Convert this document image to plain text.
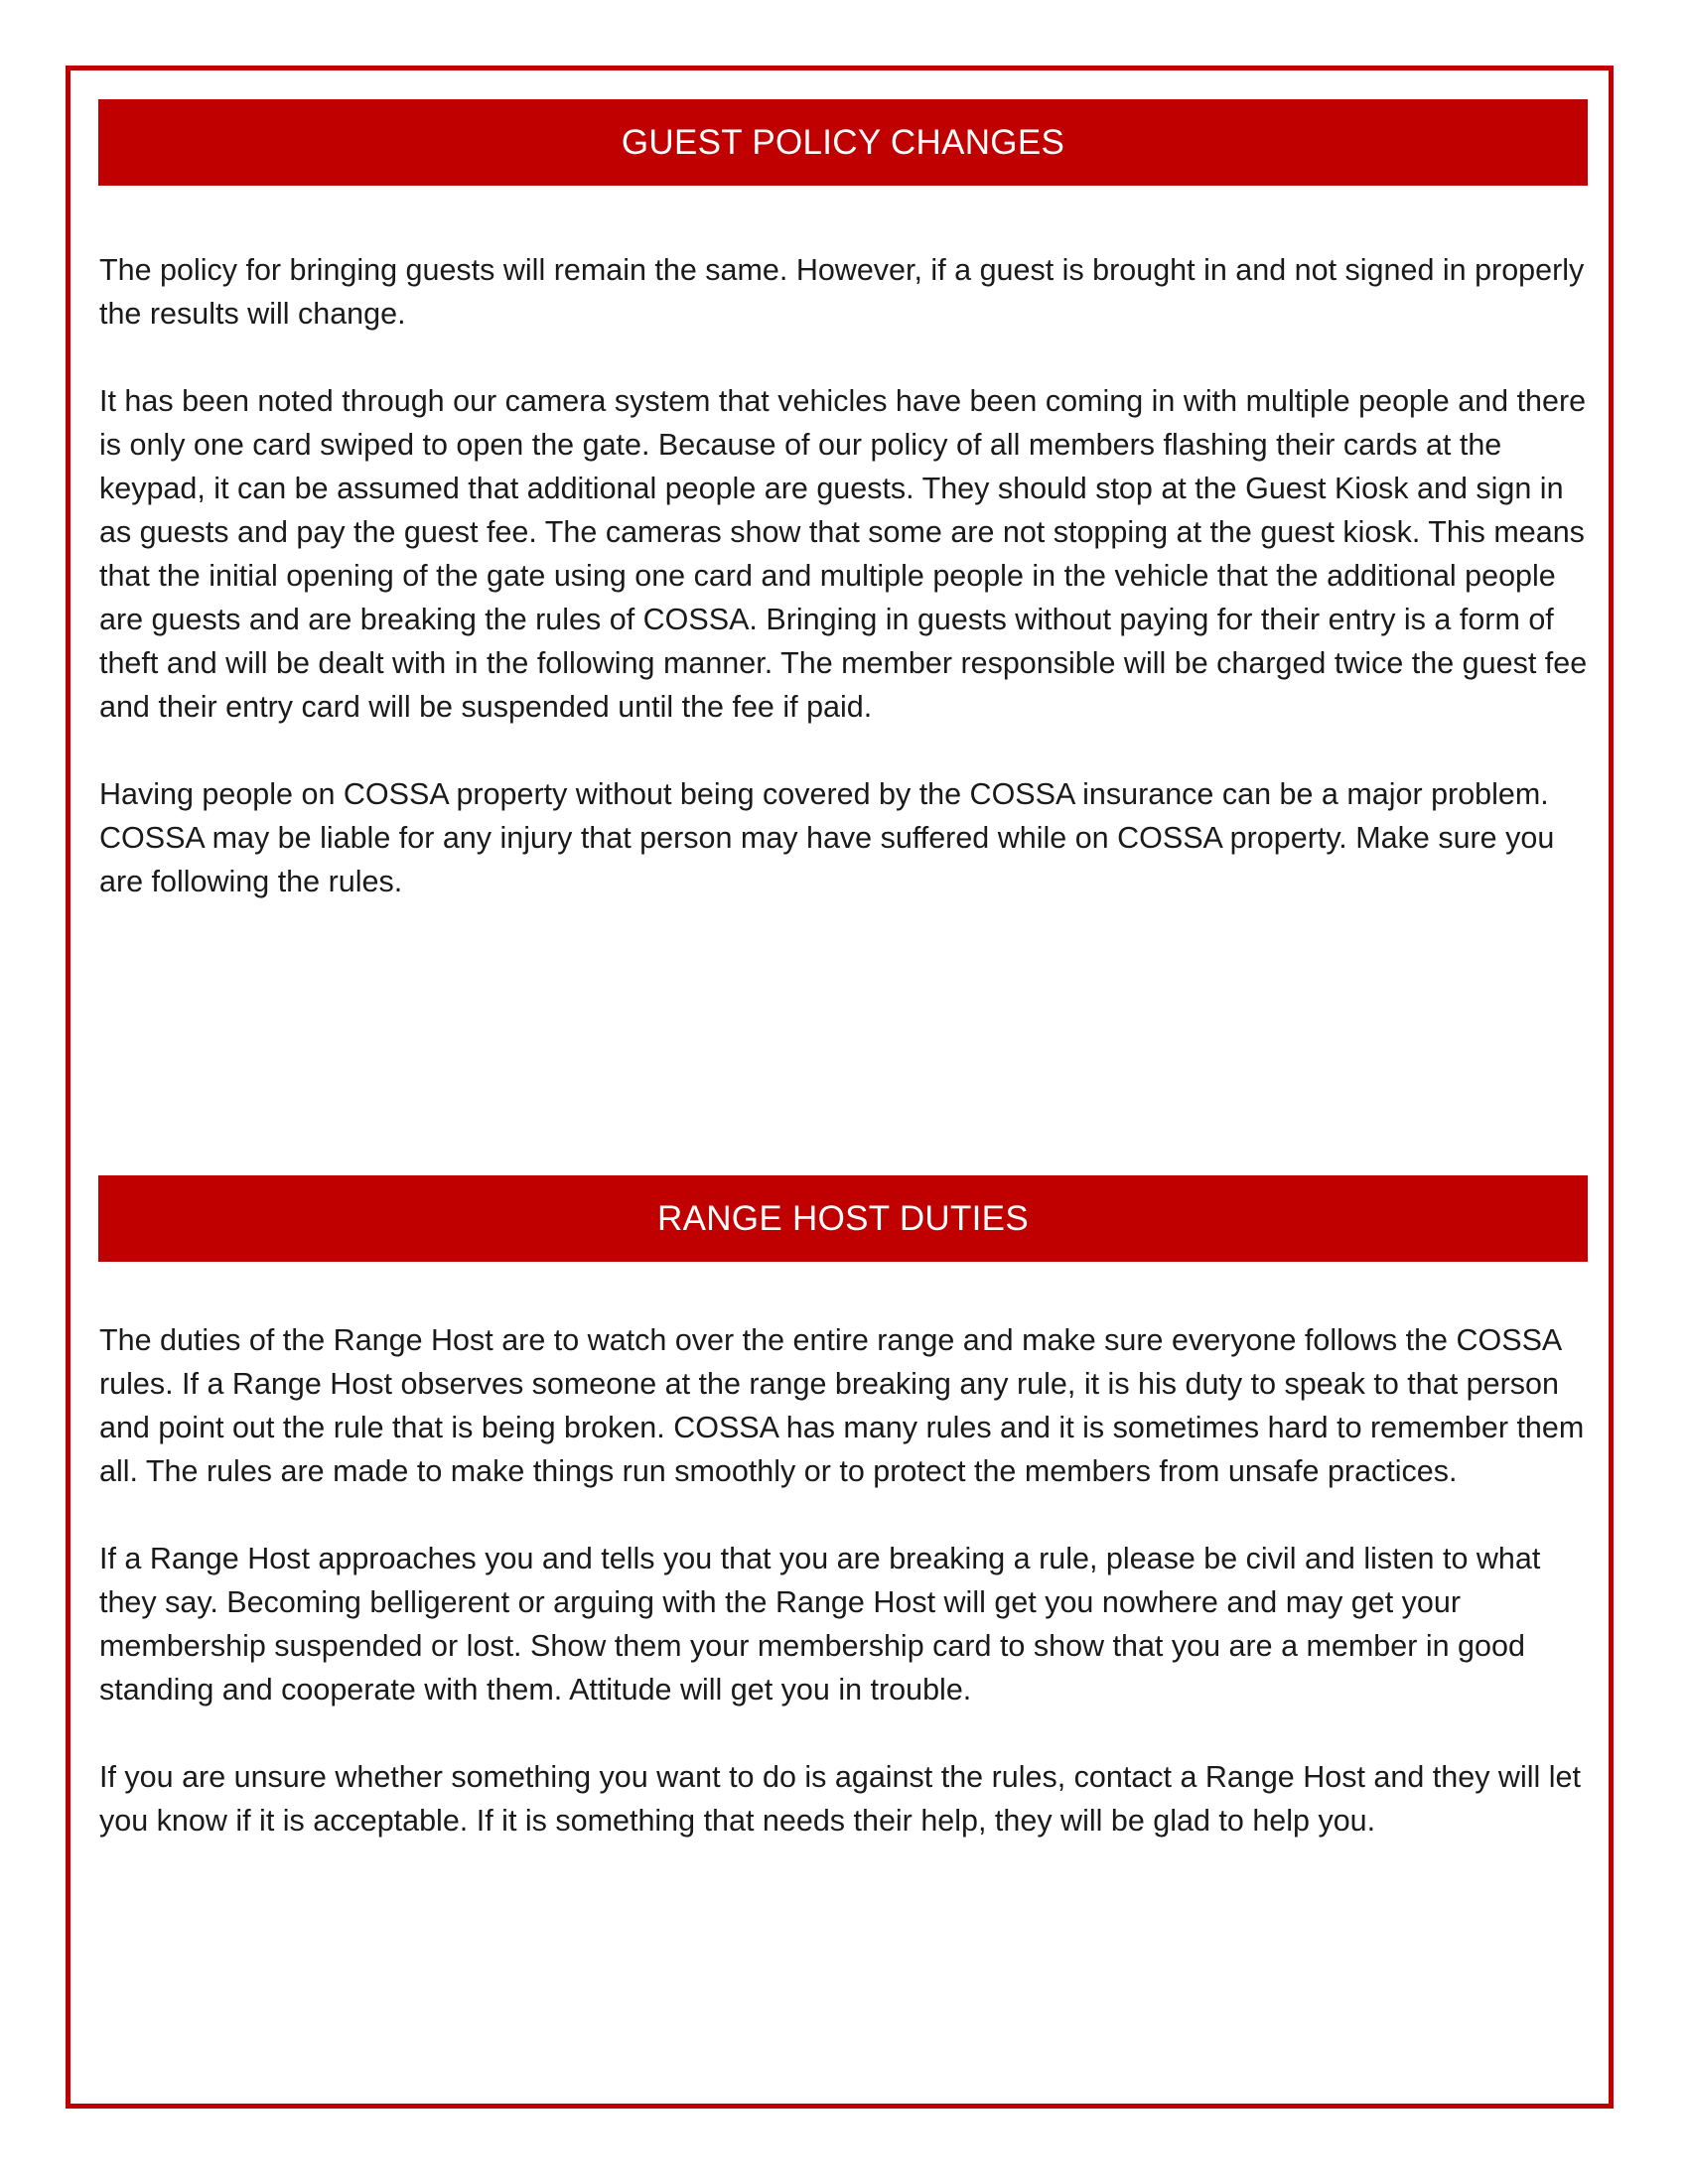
GUEST POLICY CHANGES

The policy for bringing guests will remain the same. However, if a guest is brought in and not signed in properly the results will change.

It has been noted through our camera system that vehicles have been coming in with multiple people and there is only one card swiped to open the gate. Because of our policy of all members flashing their cards at the keypad, it can be assumed that additional people are guests. They should stop at the Guest Kiosk and sign in as guests and pay the guest fee. The cameras show that some are not stopping at the guest kiosk. This means that the initial opening of the gate using one card and multiple people in the vehicle that the additional people are guests and are breaking the rules of COSSA. Bringing in guests without paying for their entry is a form of theft and will be dealt with in the following manner. The member responsible will be charged twice the guest fee and their entry card will be suspended until the fee if paid.

Having people on COSSA property without being covered by the COSSA insurance can be a major problem. COSSA may be liable for any injury that person may have suffered while on COSSA property. Make sure you are following the rules.

RANGE HOST DUTIES

The duties of the Range Host are to watch over the entire range and make sure everyone follows the COSSA rules. If a Range Host observes someone at the range breaking any rule, it is his duty to speak to that person and point out the rule that is being broken. COSSA has many rules and it is sometimes hard to remember them all. The rules are made to make things run smoothly or to protect the members from unsafe practices.

If a Range Host approaches you and tells you that you are breaking a rule, please be civil and listen to what they say. Becoming belligerent or arguing with the Range Host will get you nowhere and may get your membership suspended or lost. Show them your membership card to show that you are a member in good standing and cooperate with them. Attitude will get you in trouble.

If you are unsure whether something you want to do is against the rules, contact a Range Host and they will let you know if it is acceptable. If it is something that needs their help, they will be glad to help you.
